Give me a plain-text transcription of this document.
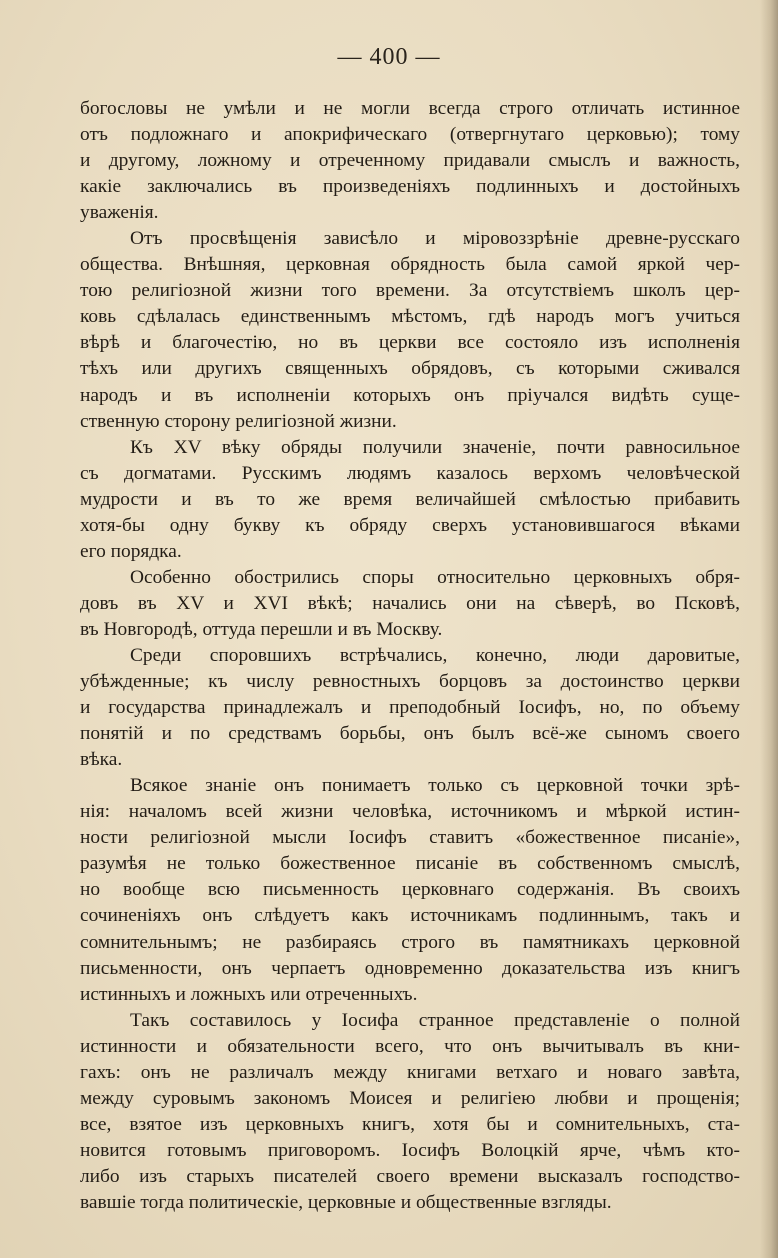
— 400 —
богословы не умѣли и не могли всегда строго отличать истинное
отъ подложнаго и апокрифическаго (отвергнутаго церковью); тому
и другому, ложному и отреченному придавали смыслъ и важность,
какіе заключались въ произведеніяхъ подлинныхъ и достойныхъ
уваженія.
Отъ просвѣщенія зависѣло и міровоззрѣніе древне-русскаго
общества. Внѣшняя, церковная обрядность была самой яркой чер-
тою религіозной жизни того времени. За отсутствіемъ школъ цер-
ковь сдѣлалась единственнымъ мѣстомъ, гдѣ народъ могъ учиться
вѣрѣ и благочестію, но въ церкви все состояло изъ исполненія
тѣхъ или другихъ священныхъ обрядовъ, съ которыми сживался
народъ и въ исполненіи которыхъ онъ пріучался видѣть суще-
ственную сторону религіозной жизни.
Къ XV вѣку обряды получили значеніе, почти равносильное
съ догматами. Русскимъ людямъ казалось верхомъ человѣческой
мудрости и въ то же время величайшей смѣлостью прибавить
хотя-бы одну букву къ обряду сверхъ установившагося вѣками
его порядка.
Особенно обострились споры относительно церковныхъ обря-
довъ въ XV и XVI вѣкѣ; начались они на сѣверѣ, во Псковѣ,
въ Новгородѣ, оттуда перешли и въ Москву.
Среди споровшихъ встрѣчались, конечно, люди даровитые,
убѣжденные; къ числу ревностныхъ борцовъ за достоинство церкви
и государства принадлежалъ и преподобный Іосифъ, но, по объему
понятій и по средствамъ борьбы, онъ былъ всё-же сыномъ своего
вѣка.
Всякое знаніе онъ понимаетъ только съ церковной точки зрѣ-
нія: началомъ всей жизни человѣка, источникомъ и мѣркой истин-
ности религіозной мысли Іосифъ ставитъ «божественное писаніе»,
разумѣя не только божественное писаніе въ собственномъ смыслѣ,
но вообще всю письменность церковнаго содержанія. Въ своихъ
сочиненіяхъ онъ слѣдуетъ какъ источникамъ подлиннымъ, такъ и
сомнительнымъ; не разбираясь строго въ памятникахъ церковной
письменности, онъ черпаетъ одновременно доказательства изъ книгъ
истинныхъ и ложныхъ или отреченныхъ.
Такъ составилось у Іосифа странное представленіе о полной
истинности и обязательности всего, что онъ вычитывалъ въ кни-
гахъ: онъ не различалъ между книгами ветхаго и новаго завѣта,
между суровымъ закономъ Моисея и религіею любви и прощенія;
все, взятое изъ церковныхъ книгъ, хотя бы и сомнительныхъ, ста-
новится готовымъ приговоромъ. Іосифъ Волоцкій ярче, чѣмъ кто-
либо изъ старыхъ писателей своего времени высказалъ господство-
вавшіе тогда политическіе, церковные и общественные взгляды.
